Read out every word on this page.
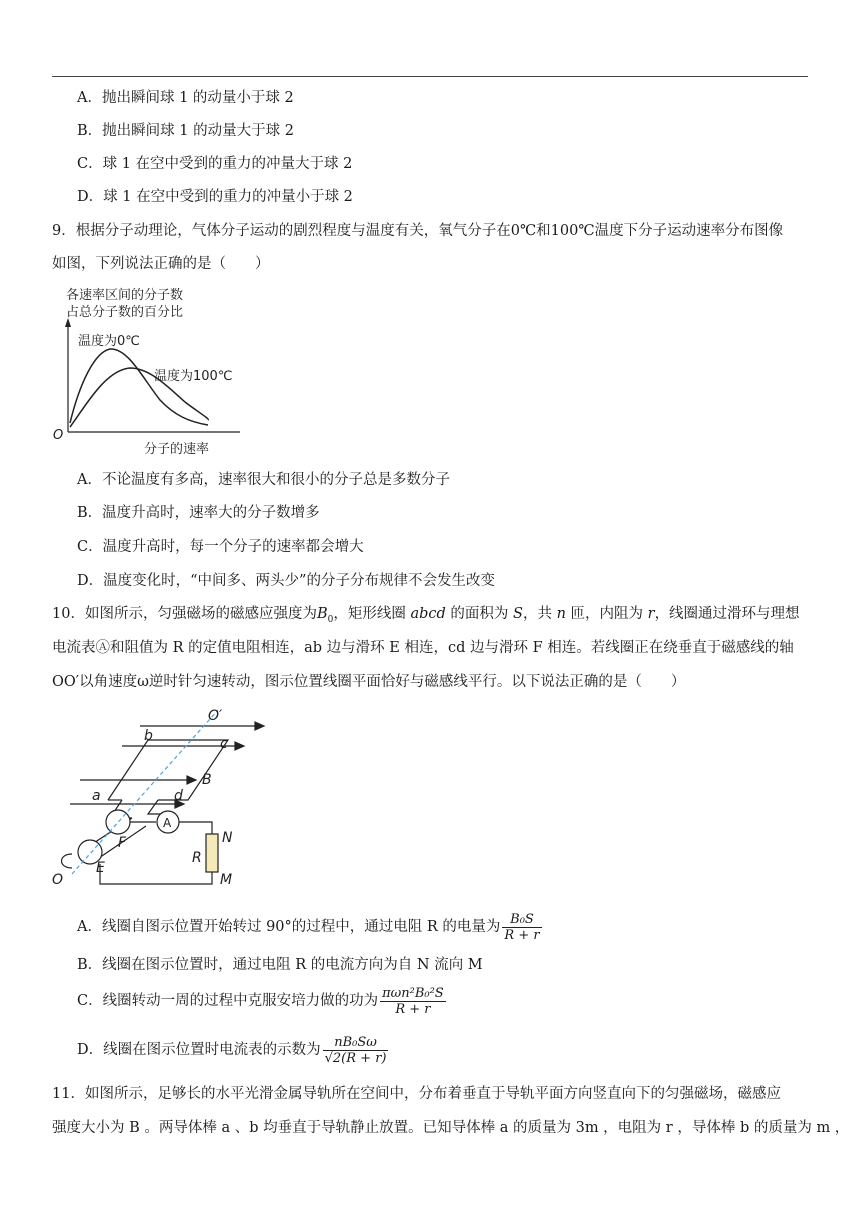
A．抛出瞬间球 1 的动量小于球 2
B．抛出瞬间球 1 的动量大于球 2
C．球 1 在空中受到的重力的冲量大于球 2
D．球 1 在空中受到的重力的冲量小于球 2
9．根据分子动理论，气体分子运动的剧烈程度与温度有关，氧气分子在0℃和100℃温度下分子运动速率分布图像
如图，下列说法正确的是（　　）
各速率区间的分子数
占总分子数的百分比
温度为0℃
温度为100℃
O
分子的速率
A．不论温度有多高，速率很大和很小的分子总是多数分子
B．温度升高时，速率大的分子数增多
C．温度升高时，每一个分子的速率都会增大
D．温度变化时，“中间多、两头少”的分子分布规律不会发生改变
10．如图所示，匀强磁场的磁感应强度为$B_0$，矩形线圈 abcd 的面积为 S，共 n 匝，内阻为 r，线圈通过滑环与理想
电流表Ⓐ和阻值为 R 的定值电阻相连，ab 边与滑环 E 相连，cd 边与滑环 F 相连。若线圈正在绕垂直于磁感线的轴
OO′以角速度ω逆时针匀速转动，图示位置线圈平面恰好与磁感线平行。以下说法正确的是（　　）
O′
b	c
B
a	d
A
N
F
R
E
O	M
A．线圈自图示位置开始转过 90°的过程中，通过电阻 R 的电量为 $\frac{\text{B₀S}}{R + r}$
B．线圈在图示位置时，通过电阻 R 的电流方向为自 N 流向 M
C．线圈转动一周的过程中克服安培力做的功为 $\frac{\text{πωn²B₀²S}}{R + r}$
D．线圈在图示位置时电流表的示数为 $\frac{\text{nB₀Sω}}{√2(R + r)}$
11．如图所示，足够长的水平光滑金属导轨所在空间中，分布着垂直于导轨平面方向竖直向下的匀强磁场，磁感应
强度大小为 B 。两导体棒 a 、b 均垂直于导轨静止放置。已知导体棒 a 的质量为 3m ，电阻为 r ，导体棒 b 的质量为 m ，
